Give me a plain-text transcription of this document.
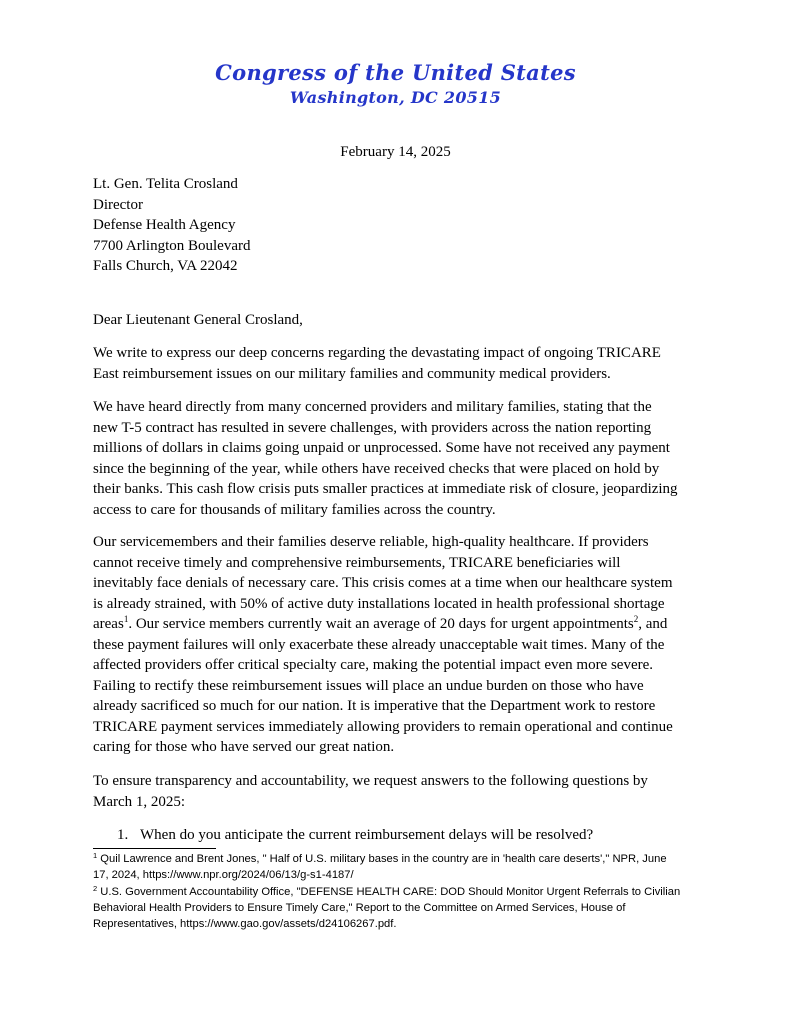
Congress of the United States
Washington, DC 20515
February 14, 2025
Lt. Gen. Telita Crosland
Director
Defense Health Agency
7700 Arlington Boulevard
Falls Church, VA 22042
Dear Lieutenant General Crosland,
We write to express our deep concerns regarding the devastating impact of ongoing TRICARE
East reimbursement issues on our military families and community medical providers.
We have heard directly from many concerned providers and military families, stating that the
new T-5 contract has resulted in severe challenges, with providers across the nation reporting
millions of dollars in claims going unpaid or unprocessed. Some have not received any payment
since the beginning of the year, while others have received checks that were placed on hold by
their banks. This cash flow crisis puts smaller practices at immediate risk of closure, jeopardizing
access to care for thousands of military families across the country.
Our servicemembers and their families deserve reliable, high-quality healthcare. If providers
cannot receive timely and comprehensive reimbursements, TRICARE beneficiaries will
inevitably face denials of necessary care. This crisis comes at a time when our healthcare system
is already strained, with 50% of active duty installations located in health professional shortage
areas$^1$. Our service members currently wait an average of 20 days for urgent appointments$^2$, and
these payment failures will only exacerbate these already unacceptable wait times. Many of the
affected providers offer critical specialty care, making the potential impact even more severe.
Failing to rectify these reimbursement issues will place an undue burden on those who have
already sacrificed so much for our nation. It is imperative that the Department work to restore
TRICARE payment services immediately allowing providers to remain operational and continue
caring for those who have served our great nation.
To ensure transparency and accountability, we request answers to the following questions by
March 1, 2025:
1. When do you anticipate the current reimbursement delays will be resolved?
$^1$ Quil Lawrence and Brent Jones, " Half of U.S. military bases in the country are in 'health care deserts'," NPR, June
17, 2024, https://www.npr.org/2024/06/13/g-s1-4187/
$^2$ U.S. Government Accountability Office, "DEFENSE HEALTH CARE: DOD Should Monitor Urgent Referrals to Civilian
Behavioral Health Providers to Ensure Timely Care," Report to the Committee on Armed Services, House of
Representatives, https://www.gao.gov/assets/d24106267.pdf.
